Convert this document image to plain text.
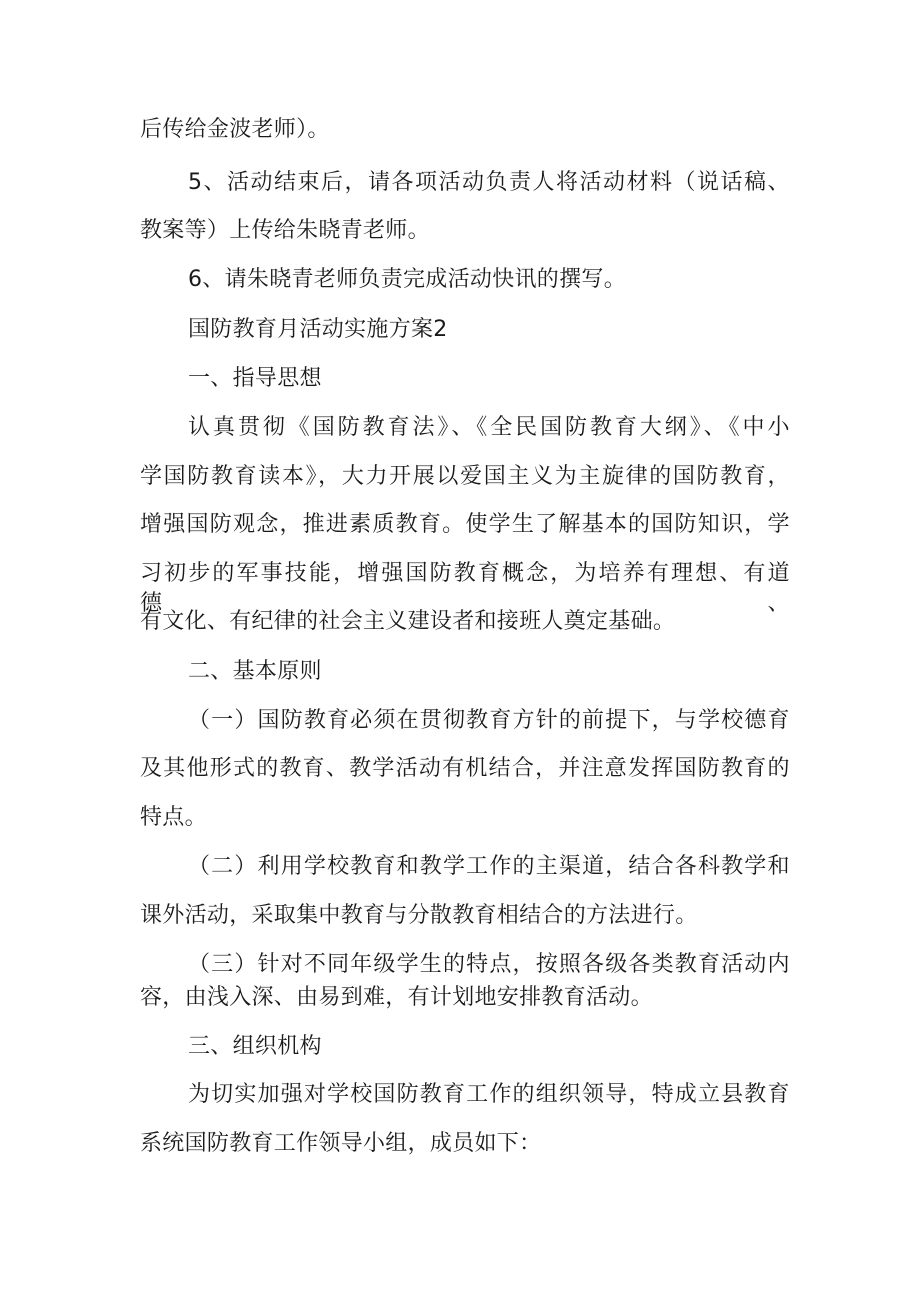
后传给金波老师）。
5、活动结束后，请各项活动负责人将活动材料（说话稿、
教案等）上传给朱晓青老师。
6、请朱晓青老师负责完成活动快讯的撰写。
国防教育月活动实施方案2
一、指导思想
认真贯彻《国防教育法》、《全民国防教育大纲》、《中小
学国防教育读本》，大力开展以爱国主义为主旋律的国防教育，
增强国防观念，推进素质教育。使学生了解基本的国防知识，学
习初步的军事技能，增强国防教育概念，为培养有理想、有道德、
有文化、有纪律的社会主义建设者和接班人奠定基础。
二、基本原则
（一）国防教育必须在贯彻教育方针的前提下，与学校德育
及其他形式的教育、教学活动有机结合，并注意发挥国防教育的
特点。
（二）利用学校教育和教学工作的主渠道，结合各科教学和
课外活动，采取集中教育与分散教育相结合的方法进行。
（三）针对不同年级学生的特点，按照各级各类教育活动内
容，由浅入深、由易到难，有计划地安排教育活动。
三、组织机构
为切实加强对学校国防教育工作的组织领导，特成立县教育
系统国防教育工作领导小组，成员如下：
